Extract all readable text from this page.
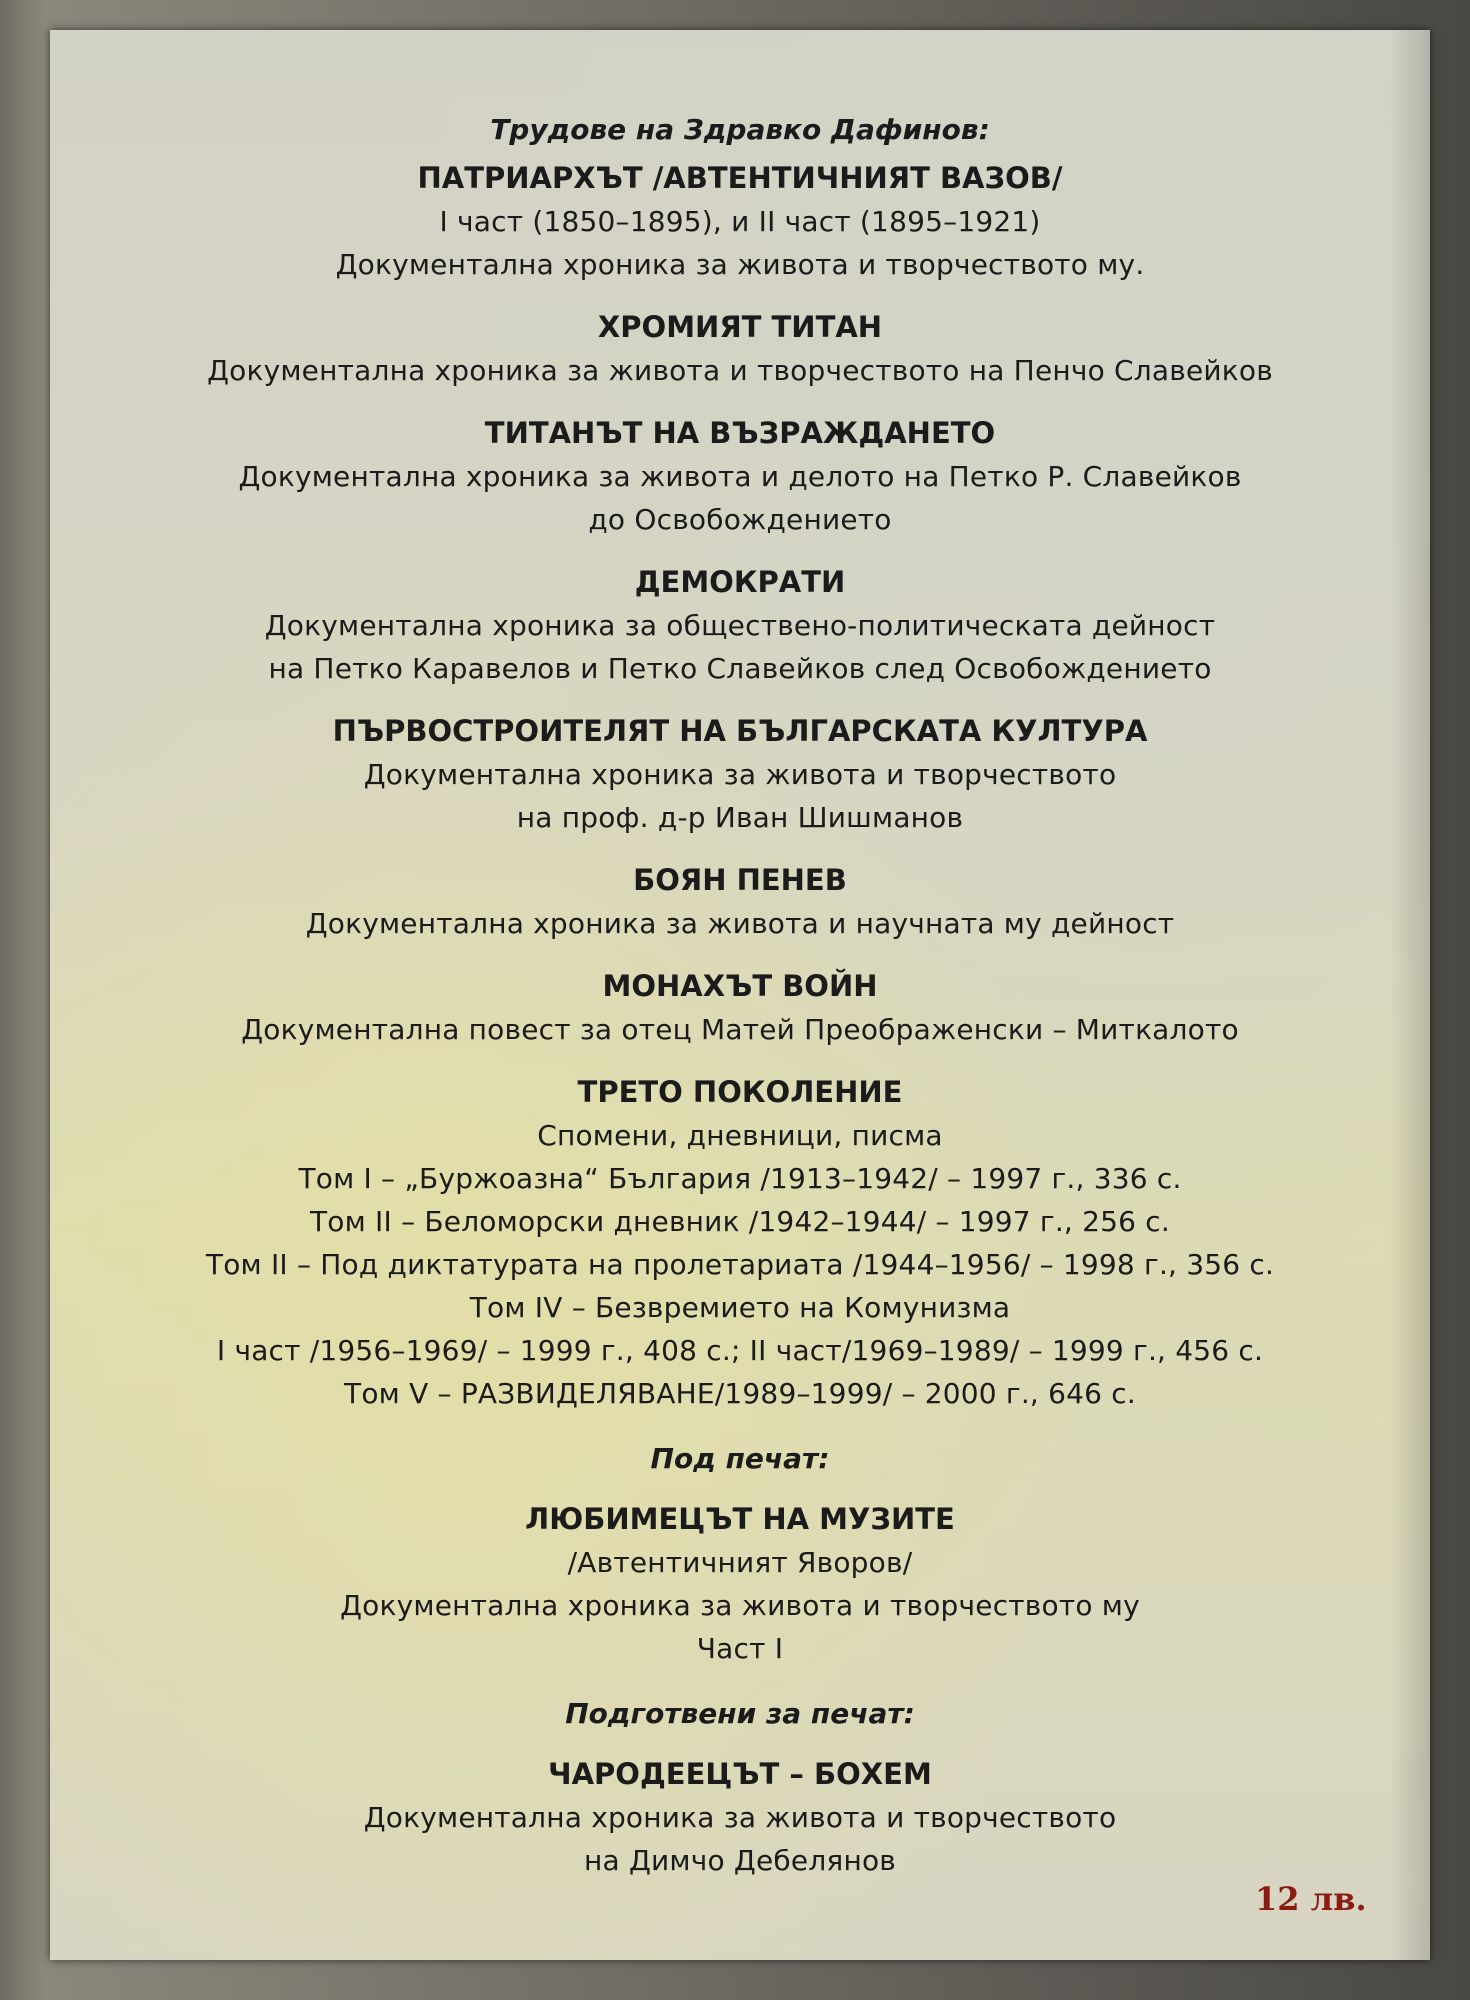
Трудове на Здравко Дафинов:
ПАТРИАРХЪТ /АВТЕНТИЧНИЯТ ВАЗОВ/
I част (1850–1895), и II част (1895–1921)
Документална хроника за живота и творчеството му.
ХРОМИЯТ ТИТАН
Документална хроника за живота и творчеството на Пенчо Славейков
ТИТАНЪТ НА ВЪЗРАЖДАНЕТО
Документална хроника за живота и делото на Петко Р. Славейков
до Освобождението
ДЕМОКРАТИ
Документална хроника за обществено-политическата дейност
на Петко Каравелов и Петко Славейков след Освобождението
ПЪРВОСТРОИТЕЛЯТ НА БЪЛГАРСКАТА КУЛТУРА
Документална хроника за живота и творчеството
на проф. д-р Иван Шишманов
БОЯН ПЕНЕВ
Документална хроника за живота и научната му дейност
МОНАХЪТ ВОЙН
Документална повест за отец Матей Преображенски – Миткалото
ТРЕТО ПОКОЛЕНИЕ
Спомени, дневници, писма
Том I – „Буржоазна“ България /1913–1942/ – 1997 г., 336 с.
Том II – Беломорски дневник /1942–1944/ – 1997 г., 256 с.
Том II – Под диктатурата на пролетариата /1944–1956/ – 1998 г., 356 с.
Том IV – Безвремието на Комунизма
I част /1956–1969/ – 1999 г., 408 с.; II част/1969–1989/ – 1999 г., 456 с.
Том V – РАЗВИДЕЛЯВАНЕ/1989–1999/ – 2000 г., 646 с.
Под печат:
ЛЮБИМЕЦЪТ НА МУЗИТЕ
/Автентичният Яворов/
Документална хроника за живота и творчеството му
Част I
Подготвени за печат:
ЧАРОДЕЕЦЪТ – БОХЕМ
Документална хроника за живота и творчеството
на Димчо Дебелянов
12 лв.
